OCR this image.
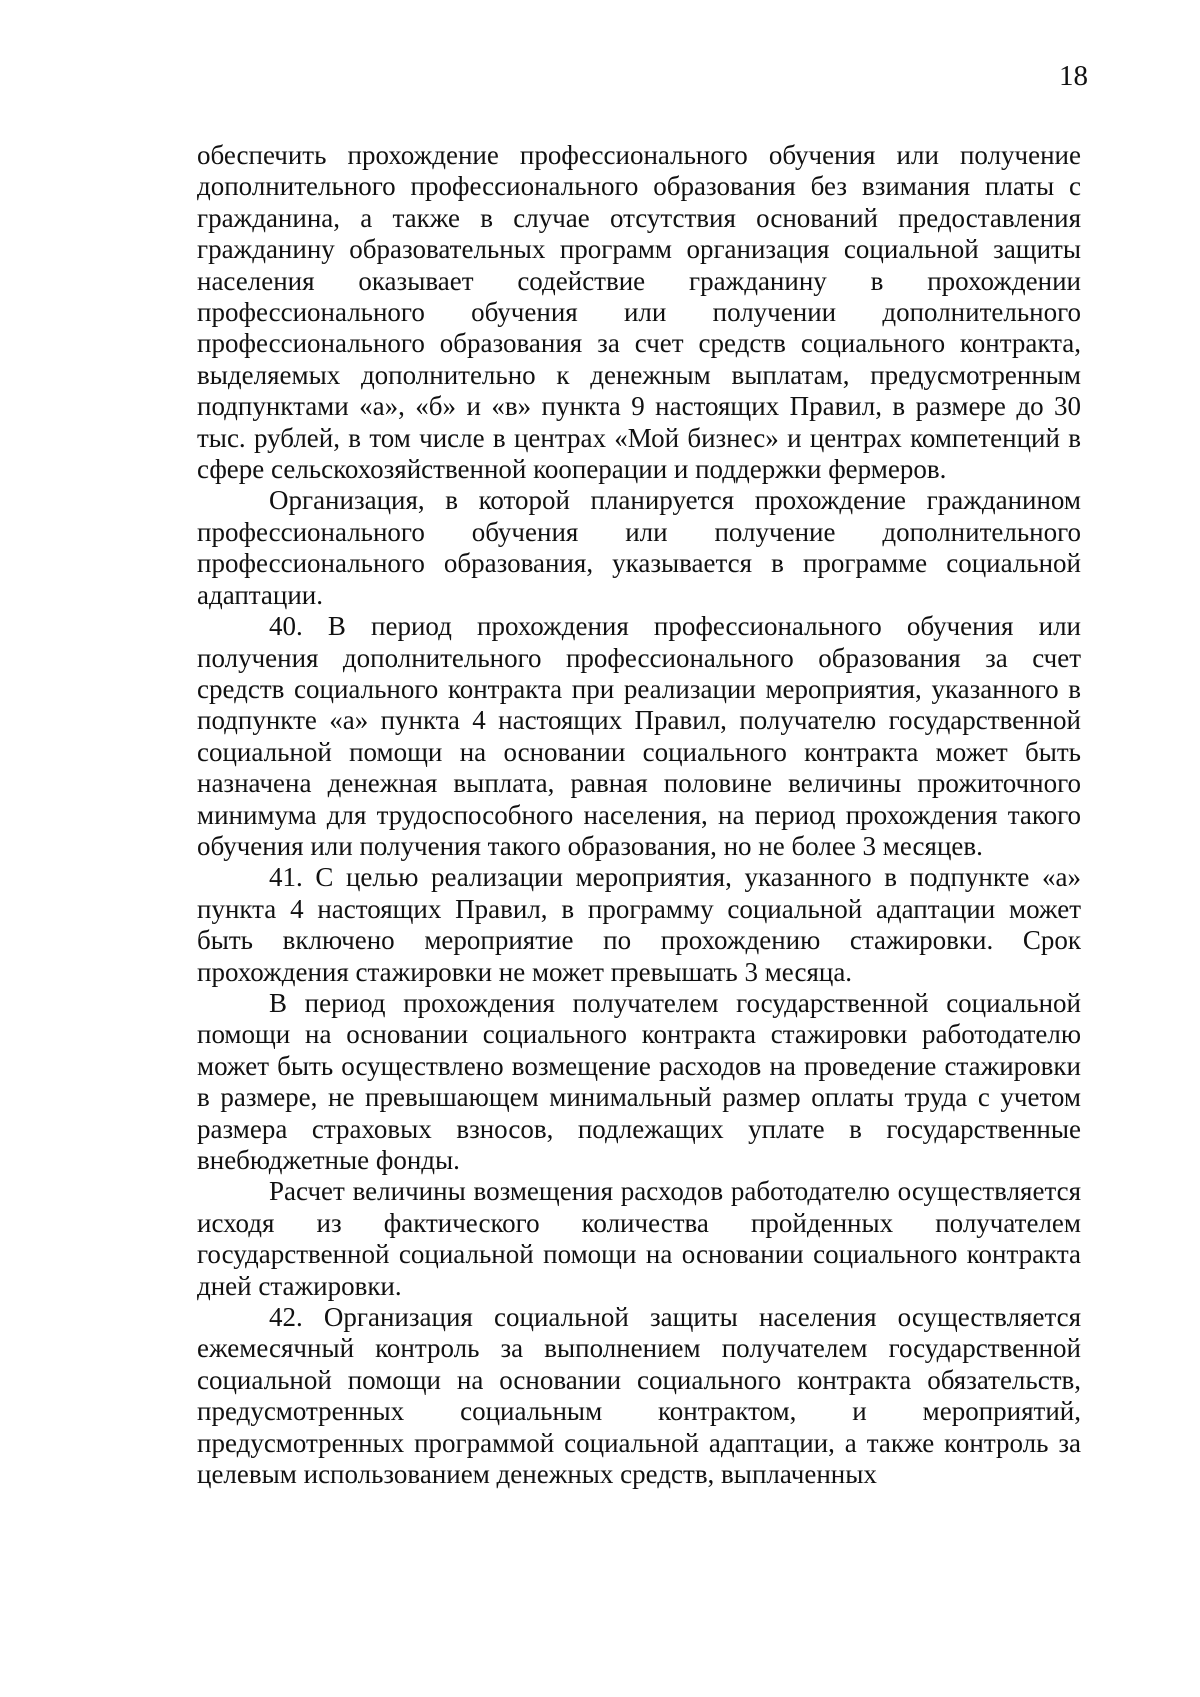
18

обеспечить прохождение профессионального обучения или получение дополнительного профессионального образования без взимания платы с гражданина, а также в случае отсутствия оснований предоставления гражданину образовательных программ организация социальной защиты населения оказывает содействие гражданину в прохождении профессионального обучения или получении дополнительного профессионального образования за счет средств социального контракта, выделяемых дополнительно к денежным выплатам, предусмотренным подпунктами «а», «б» и «в» пункта 9 настоящих Правил, в размере до 30 тыс. рублей, в том числе в центрах «Мой бизнес» и центрах компетенций в сфере сельскохозяйственной кооперации и поддержки фермеров.

Организация, в которой планируется прохождение гражданином профессионального обучения или получение дополнительного профессионального образования, указывается в программе социальной адаптации.

40. В период прохождения профессионального обучения или получения дополнительного профессионального образования за счет средств социального контракта при реализации мероприятия, указанного в подпункте «а» пункта 4 настоящих Правил, получателю государственной социальной помощи на основании социального контракта может быть назначена денежная выплата, равная половине величины прожиточного минимума для трудоспособного населения, на период прохождения такого обучения или получения такого образования, но не более 3 месяцев.

41. С целью реализации мероприятия, указанного в подпункте «а» пункта 4 настоящих Правил, в программу социальной адаптации может быть включено мероприятие по прохождению стажировки. Срок прохождения стажировки не может превышать 3 месяца.

В период прохождения получателем государственной социальной помощи на основании социального контракта стажировки работодателю может быть осуществлено возмещение расходов на проведение стажировки в размере, не превышающем минимальный размер оплаты труда с учетом размера страховых взносов, подлежащих уплате в государственные внебюджетные фонды.

Расчет величины возмещения расходов работодателю осуществляется исходя из фактического количества пройденных получателем государственной социальной помощи на основании социального контракта дней стажировки.

42. Организация социальной защиты населения осуществляется ежемесячный контроль за выполнением получателем государственной социальной помощи на основании социального контракта обязательств, предусмотренных социальным контрактом, и мероприятий, предусмотренных программой социальной адаптации, а также контроль за целевым использованием денежных средств, выплаченных
